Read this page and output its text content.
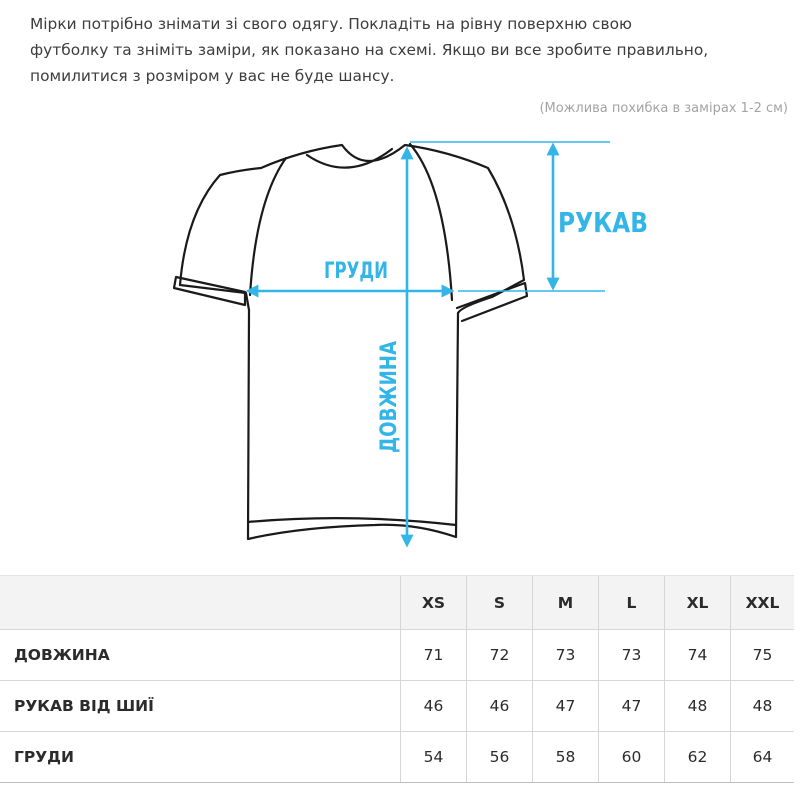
Мірки потрібно знімати зі свого одягу. Покладіть на рівну поверхню свою
футболку та зніміть заміри, як показано на схемі. Якщо ви все зробите правильно,
помилитися з розміром у вас не буде шансу.

(Можлива похибка в замірах 1-2 см)

РУКАВ
ГРУДИ
ДОВЖИНА
	XS	S	M	L	XL	XXL
ДОВЖИНА	71	72	73	73	74	75
РУКАВ ВІД ШИЇ	46	46	47	47	48	48
ГРУДИ	54	56	58	60	62	64
